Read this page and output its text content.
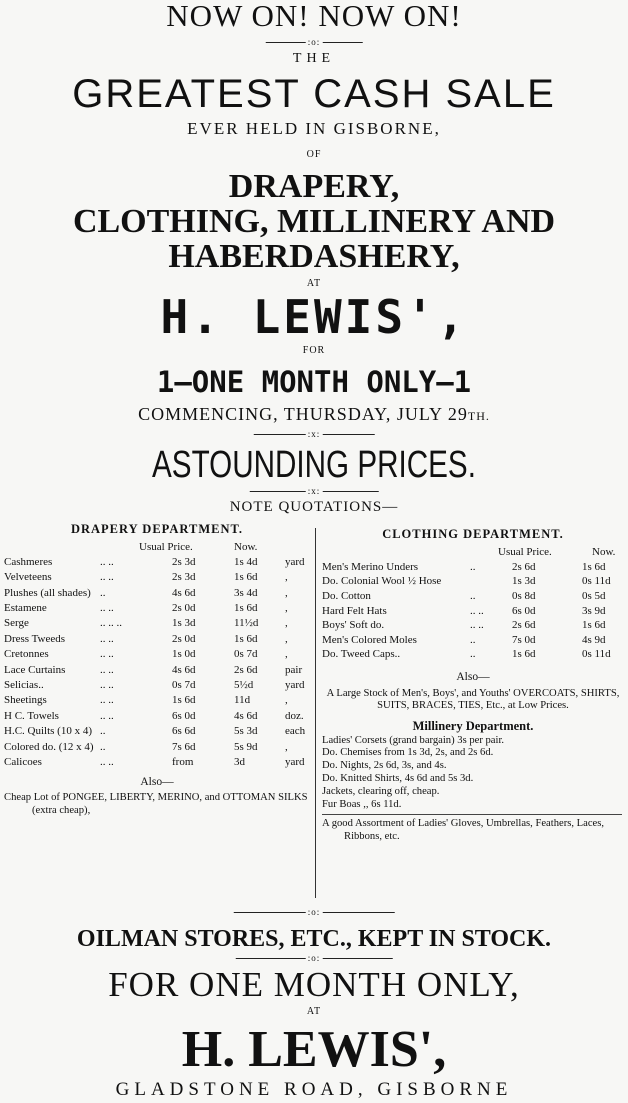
NOW ON! NOW ON!
:o:
THE
GREATEST CASH SALE
EVER HELD IN GISBORNE,
OF
DRAPERY,
CLOTHING, MILLINERY AND
HABERDASHERY,
AT
H. LEWIS',
FOR
1–ONE MONTH ONLY–1
COMMENCING, THURSDAY, JULY 29TH.
:x:
ASTOUNDING PRICES.
:x:
NOTE QUOTATIONS—
DRAPERY DEPARTMENT.
Usual Price.	Now.
Cashmeres	.. ..	2s 3d	1s 4d yard
Velveteens	.. ..	2s 3d	1s 6d ,
Plushes (all shades) ..	4s 6d	3s 4d ,
Estamene	.. ..	2s 0d	1s 6d ,
Serge	.. .. ..	1s 3d	11½d ,
Dress Tweeds	.. ..	2s 0d	1s 6d ,
Cretonnes	.. ..	1s 0d	0s 7d ,
Lace Curtains	.. ..	4s 6d	2s 6d pair
Selicias..	.. ..	0s 7d	5½d	yard
Sheetings	.. ..	1s 6d	11d	,
H C. Towels	.. ..	6s 0d	4s 6d doz.
H.C. Quilts (10 x 4) ..	6s 6d	5s 3d each
Colored do. (12 x 4) ..	7s 6d	5s 9d ,
Calicoes	.. ..	from	3d	yard
Also—
Cheap Lot of PONGEE, LIBERTY, MERINO, and OTTOMAN SILKS (extra cheap),
CLOTHING DEPARTMENT.
Usual Price.	Now.
Men's Merino Unders	..	2s 6d	1s 6d
Do. Colonial Wool ½ Hose	1s 3d	0s 11d
Do. Cotton	..	0s 8d	0s 5d
Hard Felt Hats	.. ..	6s 0d	3s 9d
Boys' Soft do.	.. ..	2s 6d	1s 6d
Men's Colored Moles	..	7s 0d	4s 9d
Do. Tweed Caps..	..	1s 6d	0s 11d
Also—
A Large Stock of Men's, Boys', and Youths' OVERCOATS, SHIRTS, SUITS, BRACES, TIES, Etc., at Low Prices.
Millinery Department.
Ladies' Corsets (grand bargain) 3s per pair.
Do. Chemises from 1s 3d, 2s, and 2s 6d.
Do. Nights, 2s 6d, 3s, and 4s.
Do. Knitted Shirts, 4s 6d and 5s 3d.
Jackets, clearing off, cheap.
Fur Boas ,, 6s 11d.
A good Assortment of Ladies' Gloves, Umbrellas, Feathers, Laces, Ribbons, etc.
:o:
OILMAN STORES, ETC., KEPT IN STOCK.
:o:
FOR ONE MONTH ONLY,
AT
H. LEWIS',
GLADSTONE ROAD, GISBORNE
